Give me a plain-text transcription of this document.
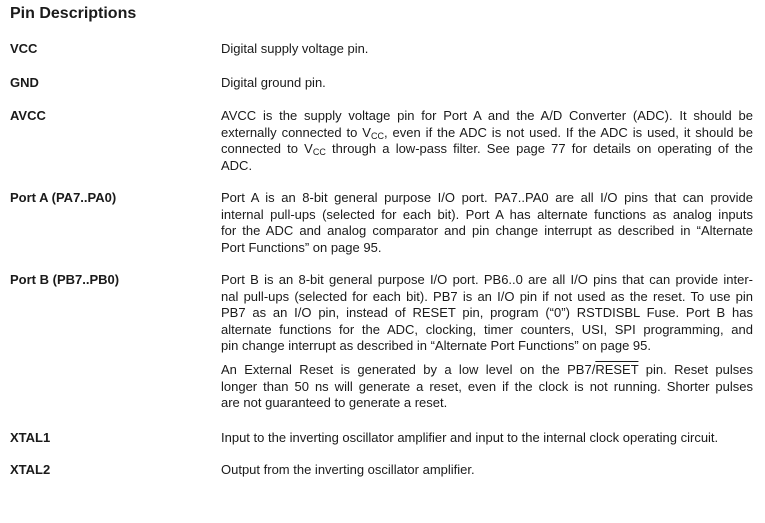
Pin Descriptions
VCC	Digital supply voltage pin.
GND	Digital ground pin.
AVCC	AVCC is the supply voltage pin for Port A and the A/D Converter (ADC). It should be
externally connected to $V_{CC}$, even if the ADC is not used. If the ADC is used, it should be
connected to $V_{CC}$ through a low-pass filter. See page 77 for details on operating of the
ADC.
Port A (PA7..PA0)	Port A is an 8-bit general purpose I/O port. PA7..PA0 are all I/O pins that can provide
internal pull-ups (selected for each bit). Port A has alternate functions as analog inputs
for the ADC and analog comparator and pin change interrupt as described in “Alternate
Port Functions” on page 95.
Port B (PB7..PB0)	Port B is an 8-bit general purpose I/O port. PB6..0 are all I/O pins that can provide inter-
nal pull-ups (selected for each bit). PB7 is an I/O pin if not used as the reset. To use pin
PB7 as an I/O pin, instead of RESET pin, program (“0”) RSTDISBL Fuse. Port B has
alternate functions for the ADC, clocking, timer counters, USI, SPI programming, and
pin change interrupt as described in “Alternate Port Functions” on page 95.
An External Reset is generated by a low level on the PB7/RESET pin. Reset pulses
longer than 50 ns will generate a reset, even if the clock is not running. Shorter pulses
are not guaranteed to generate a reset.
XTAL1	Input to the inverting oscillator amplifier and input to the internal clock operating circuit.
XTAL2	Output from the inverting oscillator amplifier.
